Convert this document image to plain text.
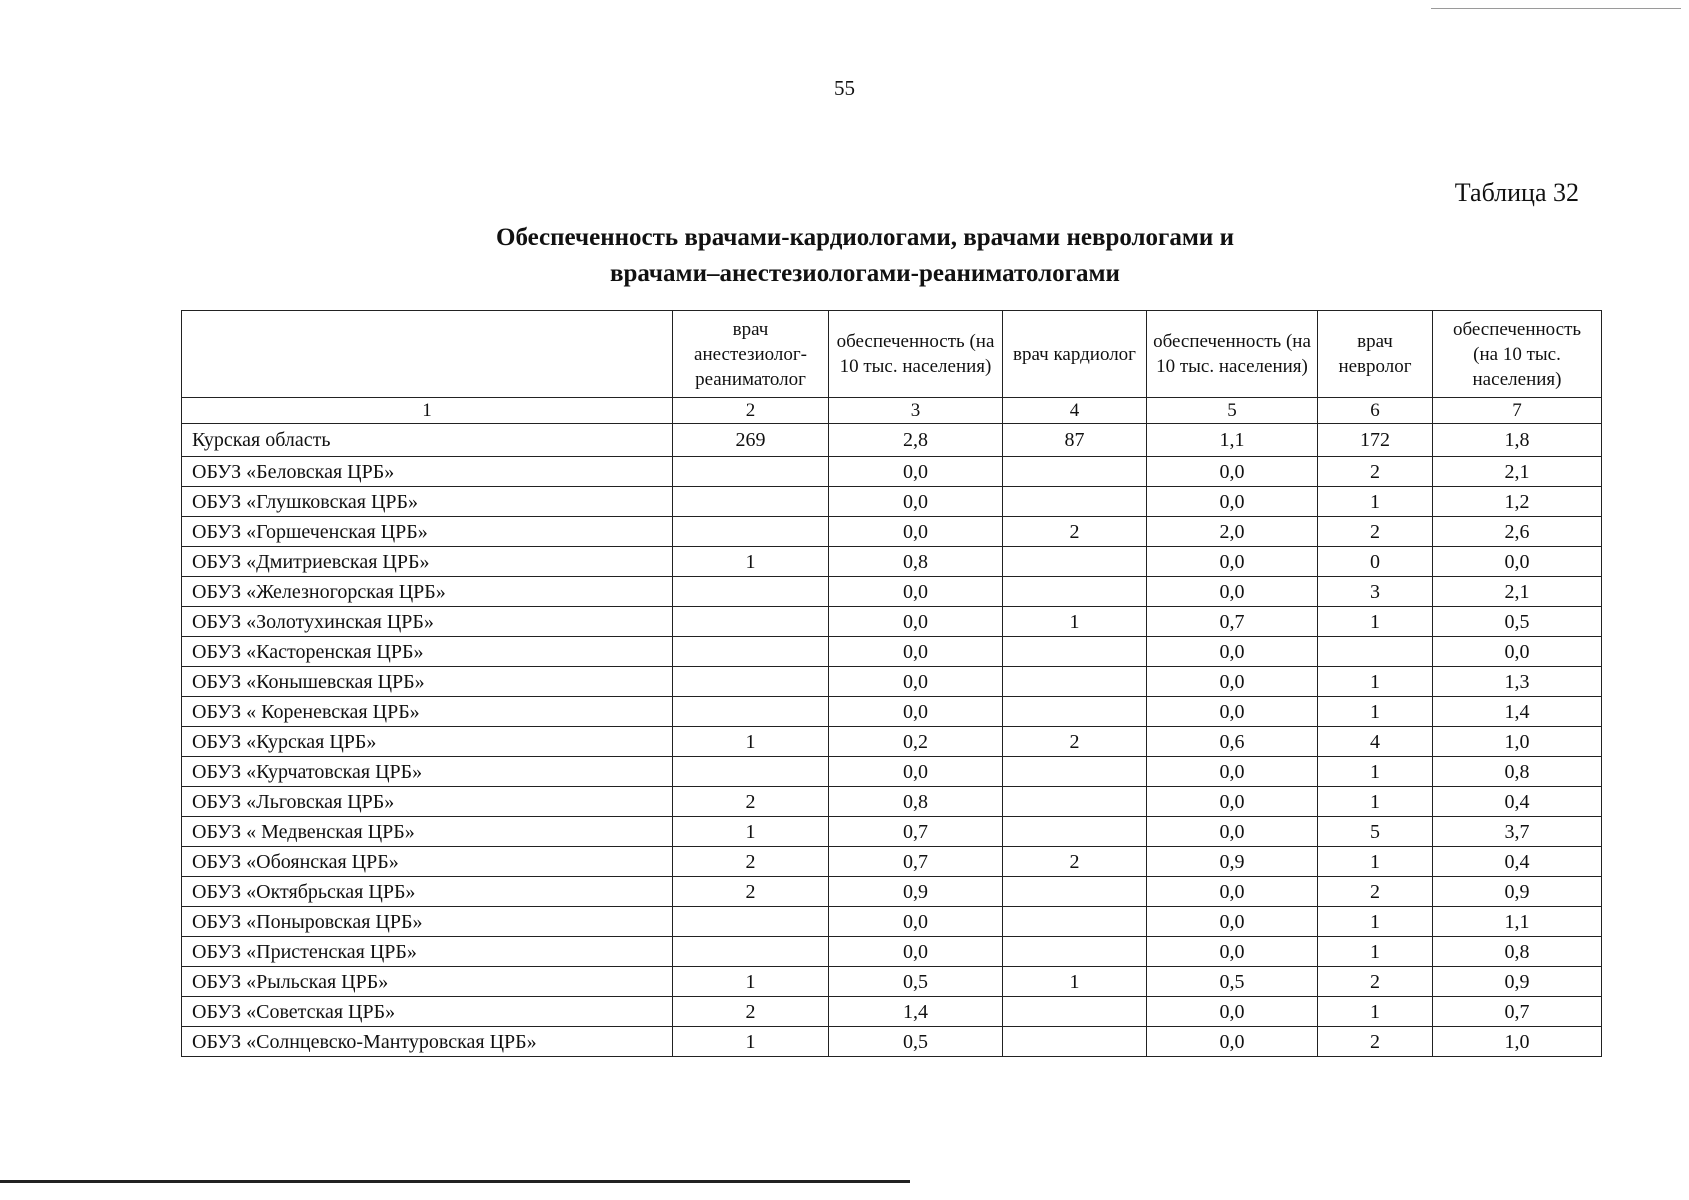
55
Таблица 32
Обеспеченность врачами-кардиологами, врачами неврологами и
врачами–анестезиологами-реаниматологами
	врач анестезиолог-реаниматолог	обеспеченность (на 10 тыс. населения)	врач кардиолог	обеспеченность (на 10 тыс. населения)	врач невролог	обеспеченность (на 10 тыс. населения)
1	2	3	4	5	6	7
Курская область	269	2,8	87	1,1	172	1,8
ОБУЗ «Беловская ЦРБ»		0,0		0,0	2	2,1
ОБУЗ «Глушковская ЦРБ»		0,0		0,0	1	1,2
ОБУЗ «Горшеченская ЦРБ»		0,0	2	2,0	2	2,6
ОБУЗ «Дмитриевская ЦРБ»	1	0,8		0,0	0	0,0
ОБУЗ «Железногорская ЦРБ»		0,0		0,0	3	2,1
ОБУЗ «Золотухинская ЦРБ»		0,0	1	0,7	1	0,5
ОБУЗ «Касторенская ЦРБ»		0,0		0,0		0,0
ОБУЗ «Конышевская ЦРБ»		0,0		0,0	1	1,3
ОБУЗ « Кореневская ЦРБ»		0,0		0,0	1	1,4
ОБУЗ «Курская ЦРБ»	1	0,2	2	0,6	4	1,0
ОБУЗ «Курчатовская ЦРБ»		0,0		0,0	1	0,8
ОБУЗ «Льговская ЦРБ»	2	0,8		0,0	1	0,4
ОБУЗ « Медвенская ЦРБ»	1	0,7		0,0	5	3,7
ОБУЗ «Обоянская ЦРБ»	2	0,7	2	0,9	1	0,4
ОБУЗ «Октябрьская ЦРБ»	2	0,9		0,0	2	0,9
ОБУЗ «Поныровская ЦРБ»		0,0		0,0	1	1,1
ОБУЗ «Пристенская ЦРБ»		0,0		0,0	1	0,8
ОБУЗ «Рыльская ЦРБ»	1	0,5	1	0,5	2	0,9
ОБУЗ «Советская ЦРБ»	2	1,4		0,0	1	0,7
ОБУЗ «Солнцевско-Мантуровская ЦРБ»	1	0,5		0,0	2	1,0
